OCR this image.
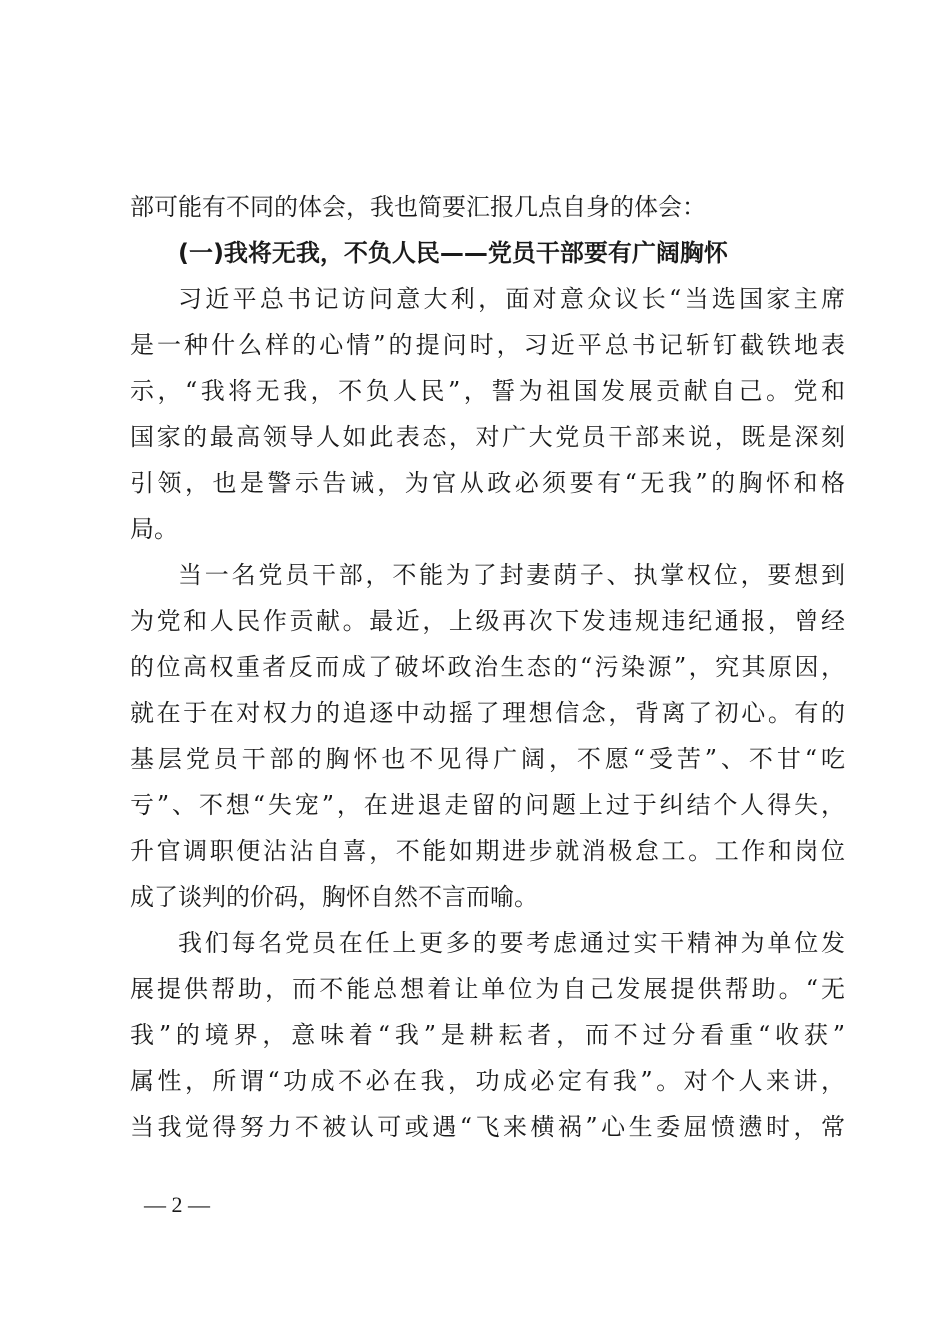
部可能有不同的体会，我也简要汇报几点自身的体会：
(一)我将无我，不负人民——党员干部要有广阔胸怀
习近平总书记访问意大利，面对意众议长“当选国家主席
是一种什么样的心情”的提问时，习近平总书记斩钉截铁地表
示，“我将无我，不负人民”，誓为祖国发展贡献自己。党和
国家的最高领导人如此表态，对广大党员干部来说，既是深刻
引领，也是警示告诫，为官从政必须要有“无我”的胸怀和格
局。
当一名党员干部，不能为了封妻荫子、执掌权位，要想到
为党和人民作贡献。最近，上级再次下发违规违纪通报，曾经
的位高权重者反而成了破坏政治生态的“污染源”，究其原因，
就在于在对权力的追逐中动摇了理想信念，背离了初心。有的
基层党员干部的胸怀也不见得广阔，不愿“受苦”、不甘“吃
亏”、不想“失宠”，在进退走留的问题上过于纠结个人得失，
升官调职便沾沾自喜，不能如期进步就消极怠工。工作和岗位
成了谈判的价码，胸怀自然不言而喻。
我们每名党员在任上更多的要考虑通过实干精神为单位发
展提供帮助，而不能总想着让单位为自己发展提供帮助。“无
我”的境界，意味着“我”是耕耘者，而不过分看重“收获”
属性，所谓“功成不必在我，功成必定有我”。对个人来讲，
当我觉得努力不被认可或遇“飞来横祸”心生委屈愤懑时，常
— 2 —
